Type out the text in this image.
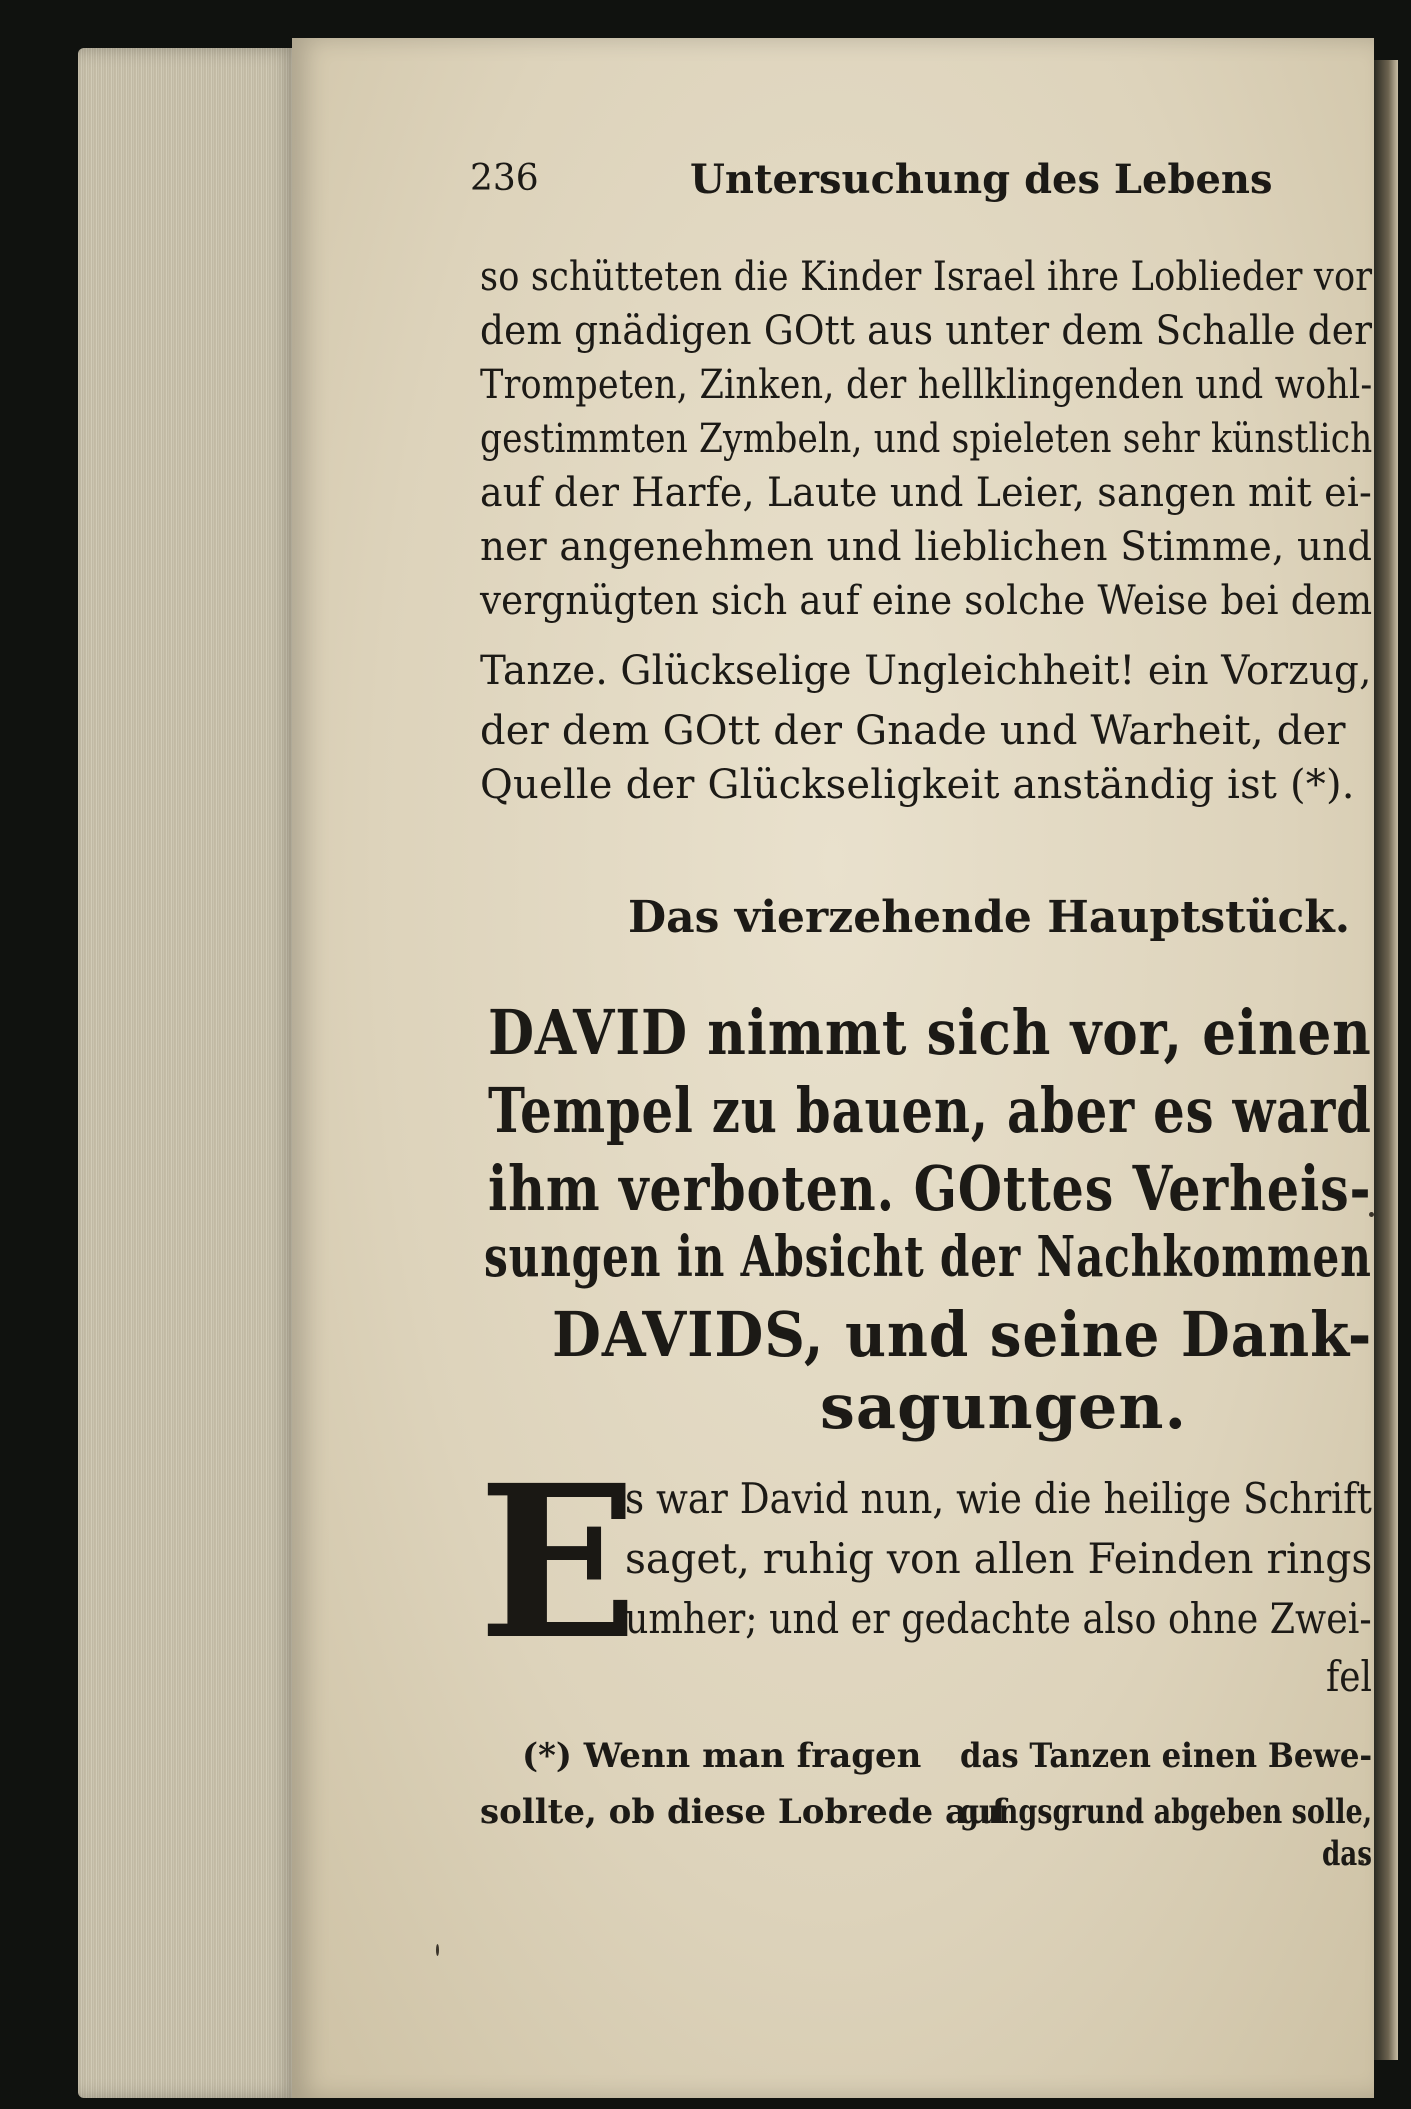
236	Untersuchung des Lebens
so schütteten die Kinder Israel ihre Loblieder vor
dem gnädigen GOtt aus unter dem Schalle der
Trompeten, Zinken, der hellklingenden und wohl-
gestimmten Zymbeln, und spieleten sehr künstlich
auf der Harfe, Laute und Leier, sangen mit ei-
ner angenehmen und lieblichen Stimme, und
vergnügten sich auf eine solche Weise bei dem
Tanze. Glückselige Ungleichheit! ein Vorzug,
der dem GOtt der Gnade und Warheit, der
Quelle der Glückseligkeit anständig ist (*).
Das vierzehende Hauptstück.
DAVID nimmt sich vor, einen
Tempel zu bauen, aber es ward
ihm verboten. GOttes Verheis-
sungen in Absicht der Nachkommen
DAVIDS, und seine Dank-
sagungen.
E
s war David nun, wie die heilige Schrift
saget, ruhig von allen Feinden rings
umher; und er gedachte also ohne Zwei-
fel
(*) Wenn man fragen
sollte, ob diese Lobrede auf
das Tanzen einen Bewe-
gungsgrund abgeben solle,
das
